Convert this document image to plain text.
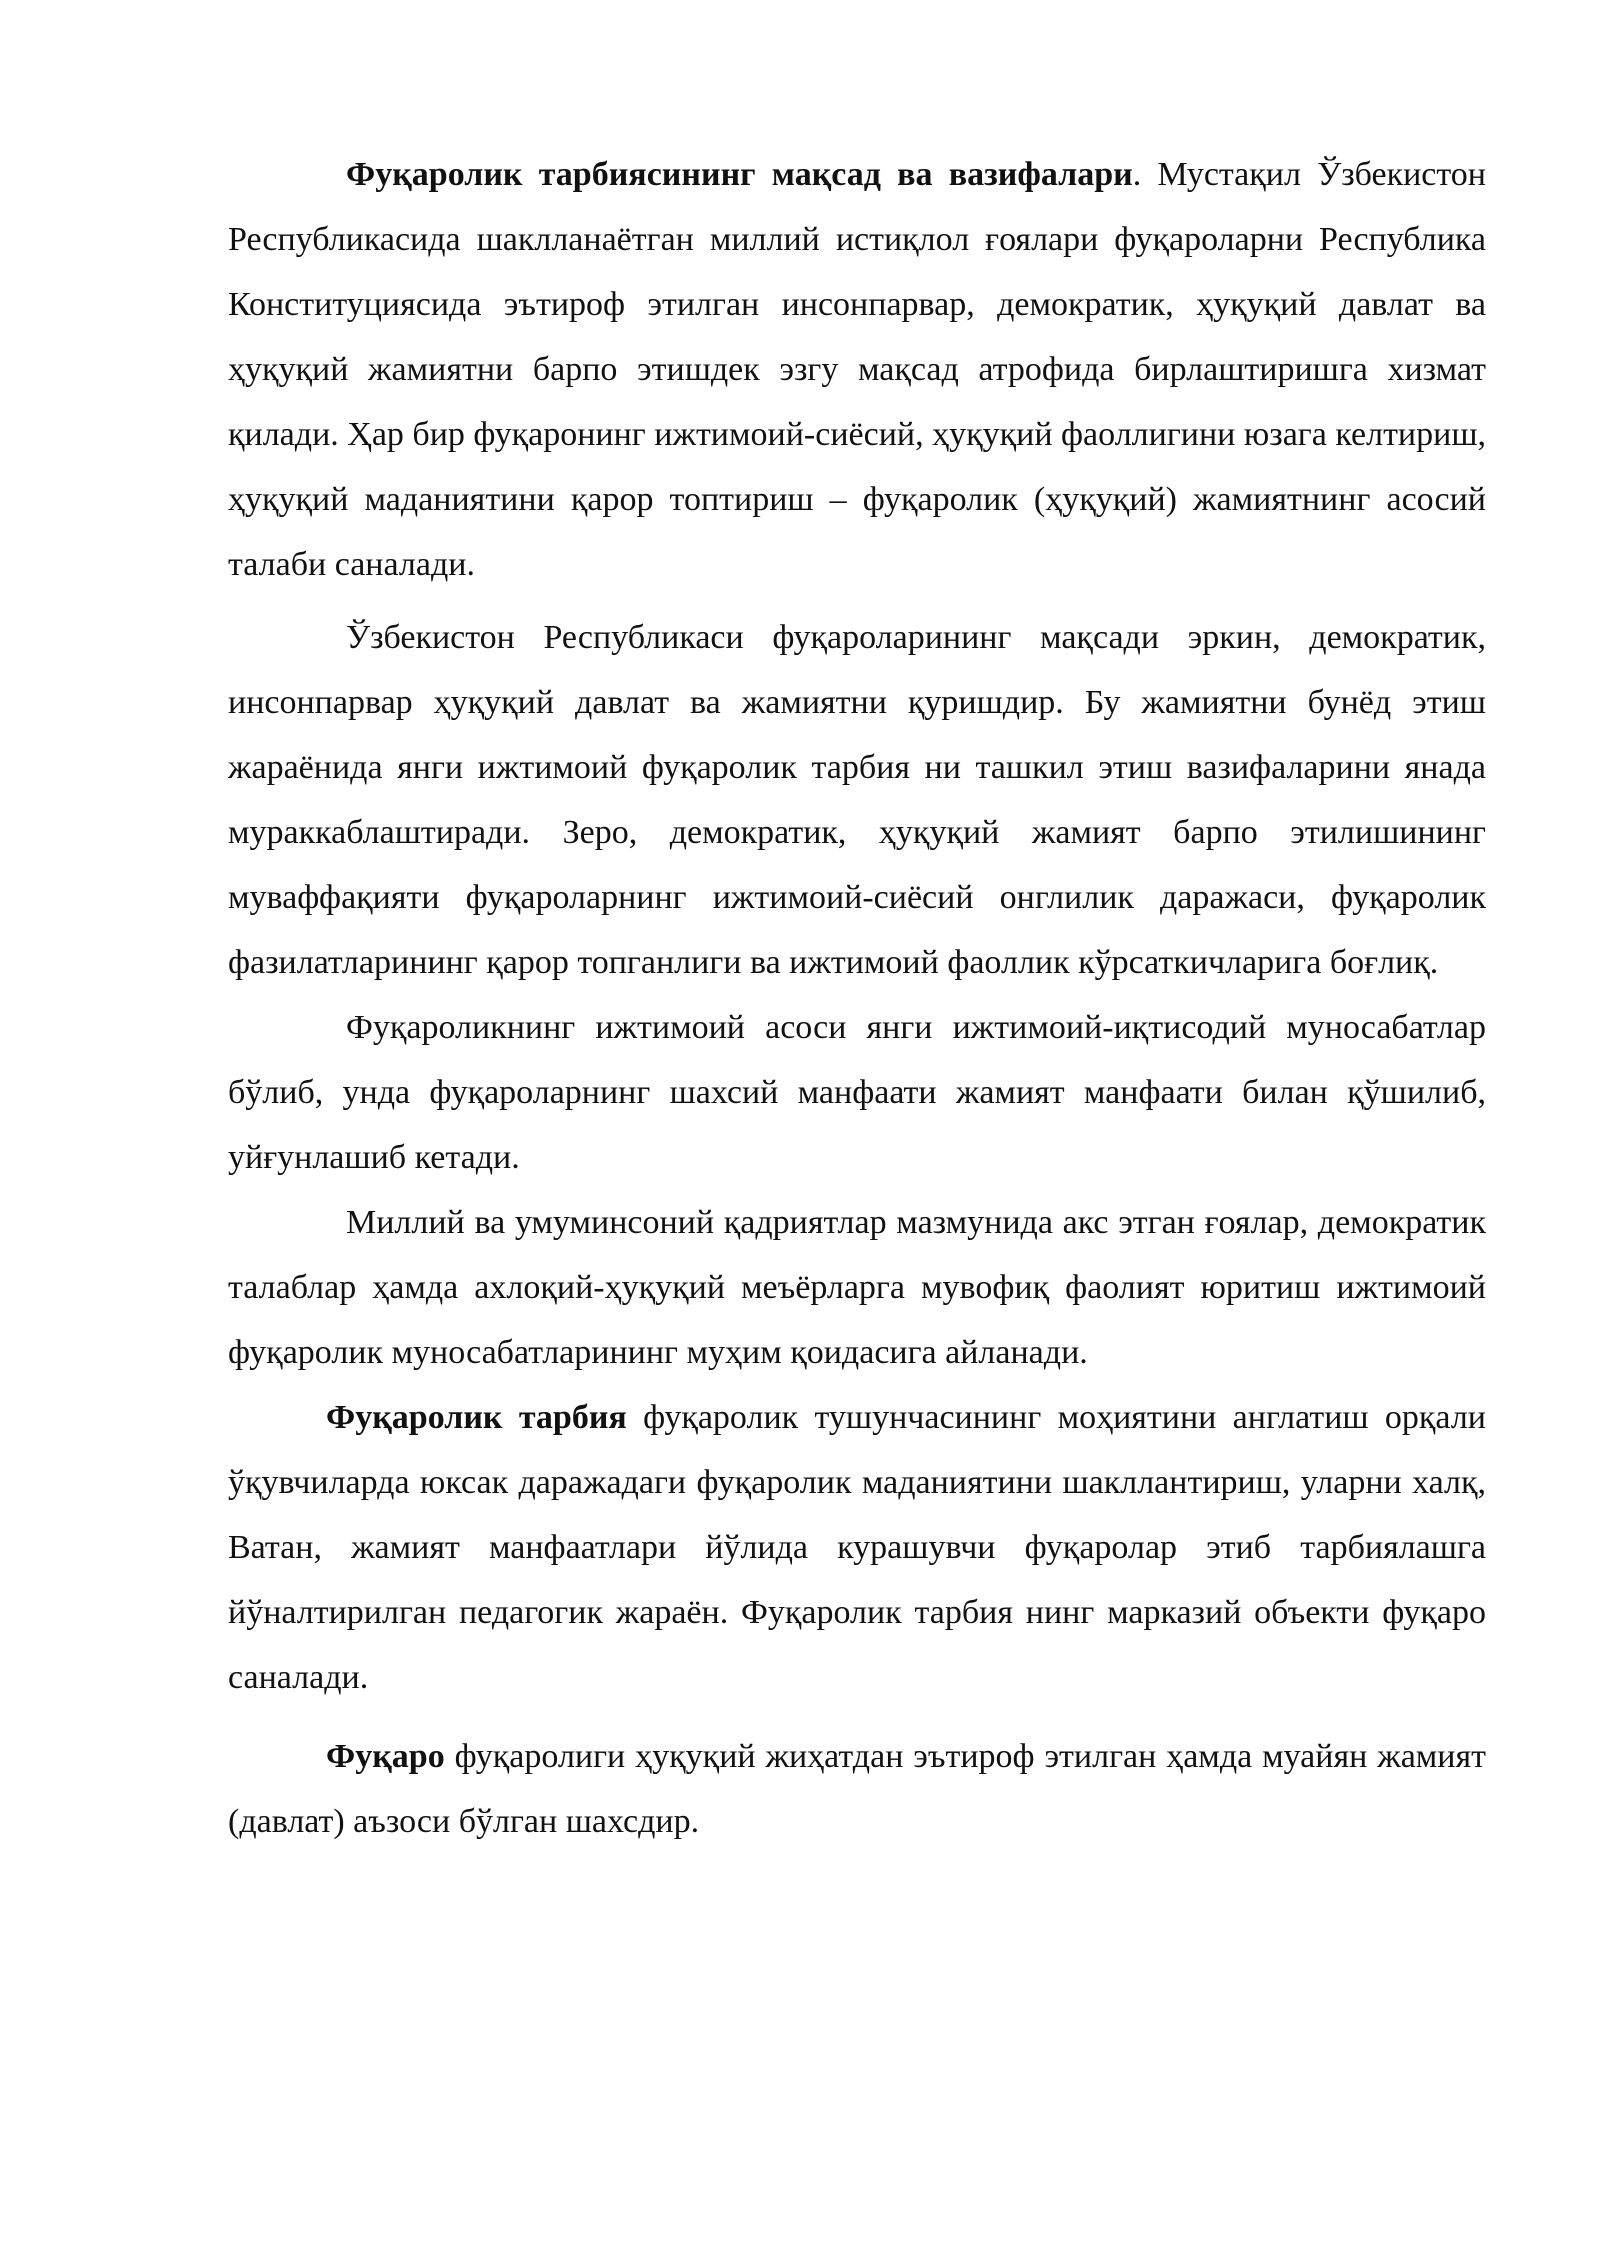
Фуқаролик тарбиясининг мақсад ва вазифалари. Мустақил Ўзбекистон Республикасида шаклланаётган миллий истиқлол ғоялари фуқароларни Республика Конституциясида эътироф этилган инсонпарвар, демократик, ҳуқуқий давлат ва ҳуқуқий жамиятни барпо этишдек эзгу мақсад атрофида бирлаштиришга хизмат қилади. Ҳар бир фуқаронинг ижтимоий-сиёсий, ҳуқуқий фаоллигини юзага келтириш, ҳуқуқий маданиятини қарор топтириш – фуқаролик (ҳуқуқий) жамиятнинг асосий талаби саналади.

Ўзбекистон Республикаси фуқароларининг мақсади эркин, демократик, инсонпарвар ҳуқуқий давлат ва жамиятни қуришдир. Бу жамиятни бунёд этиш жараёнида янги ижтимоий фуқаролик тарбия ни ташкил этиш вазифаларини янада мураккаблаштиради. Зеро, демократик, ҳуқуқий жамият барпо этилишининг муваффақияти фуқароларнинг ижтимоий-сиёсий онглилик даражаси, фуқаролик фазилатларининг қарор топганлиги ва ижтимоий фаоллик кўрсаткичларига боғлиқ.

Фуқароликнинг ижтимоий асоси янги ижтимоий-иқтисодий муносабатлар бўлиб, унда фуқароларнинг шахсий манфаати жамият манфаати билан қўшилиб, уйғунлашиб кетади.

Миллий ва умуминсоний қадриятлар мазмунида акс этган ғоялар, демократик талаблар ҳамда ахлоқий-ҳуқуқий меъёрларга мувофиқ фаолият юритиш ижтимоий фуқаролик муносабатларининг муҳим қоидасига айланади.

Фуқаролик тарбия фуқаролик тушунчасининг моҳиятини англатиш орқали ўқувчиларда юксак даражадаги фуқаролик маданиятини шакллантириш, уларни халқ, Ватан, жамият манфаатлари йўлида курашувчи фуқаролар этиб тарбиялашга йўналтирилган педагогик жараён. Фуқаролик тарбия нинг марказий объекти фуқаро саналади.

Фуқаро фуқаролиги ҳуқуқий жиҳатдан эътироф этилган ҳамда муайян жамият (давлат) аъзоси бўлган шахсдир.
